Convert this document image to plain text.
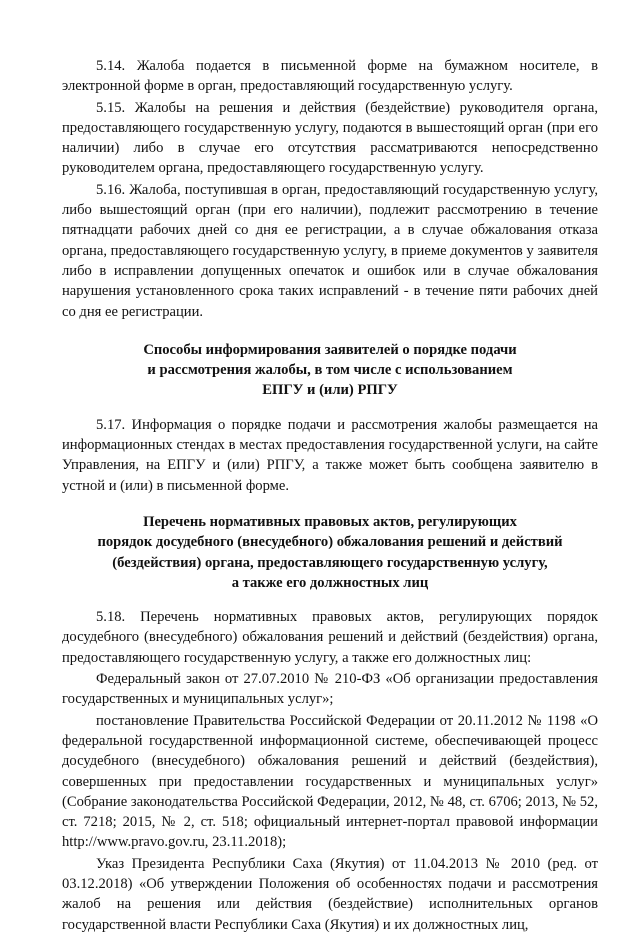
5.14. Жалоба подается в письменной форме на бумажном носителе, в электронной форме в орган, предоставляющий государственную услугу.

5.15. Жалобы на решения и действия (бездействие) руководителя органа, предоставляющего государственную услугу, подаются в вышестоящий орган (при его наличии) либо в случае его отсутствия рассматриваются непосредственно руководителем органа, предоставляющего государственную услугу.

5.16. Жалоба, поступившая в орган, предоставляющий государственную услугу, либо вышестоящий орган (при его наличии), подлежит рассмотрению в течение пятнадцати рабочих дней со дня ее регистрации, а в случае обжалования отказа органа, предоставляющего государственную услугу, в приеме документов у заявителя либо в исправлении допущенных опечаток и ошибок или в случае обжалования нарушения установленного срока таких исправлений - в течение пяти рабочих дней со дня ее регистрации.

Способы информирования заявителей о порядке подачи
и рассмотрения жалобы, в том числе с использованием
ЕПГУ и (или) РПГУ

5.17. Информация о порядке подачи и рассмотрения жалобы размещается на информационных стендах в местах предоставления государственной услуги, на сайте Управления, на ЕПГУ и (или) РПГУ, а также может быть сообщена заявителю в устной и (или) в письменной форме.

Перечень нормативных правовых актов, регулирующих
порядок досудебного (внесудебного) обжалования решений и действий
(бездействия) органа, предоставляющего государственную услугу,
а также его должностных лиц

5.18. Перечень нормативных правовых актов, регулирующих порядок досудебного (внесудебного) обжалования решений и действий (бездействия) органа, предоставляющего государственную услугу, а также его должностных лиц:

Федеральный закон от 27.07.2010 № 210-ФЗ «Об организации предоставления государственных и муниципальных услуг»;

постановление Правительства Российской Федерации от 20.11.2012 № 1198 «О федеральной государственной информационной системе, обеспечивающей процесс досудебного (внесудебного) обжалования решений и действий (бездействия), совершенных при предоставлении государственных и муниципальных услуг» (Собрание законодательства Российской Федерации, 2012, № 48, ст. 6706; 2013, № 52, ст. 7218; 2015, № 2, ст. 518; официальный интернет-портал правовой информации http://www.pravo.gov.ru, 23.11.2018);

Указ Президента Республики Саха (Якутия) от 11.04.2013 № 2010 (ред. от 03.12.2018) «Об утверждении Положения об особенностях подачи и рассмотрения жалоб на решения или действия (бездействие) исполнительных органов государственной власти Республики Саха (Якутия) и их должностных лиц,
